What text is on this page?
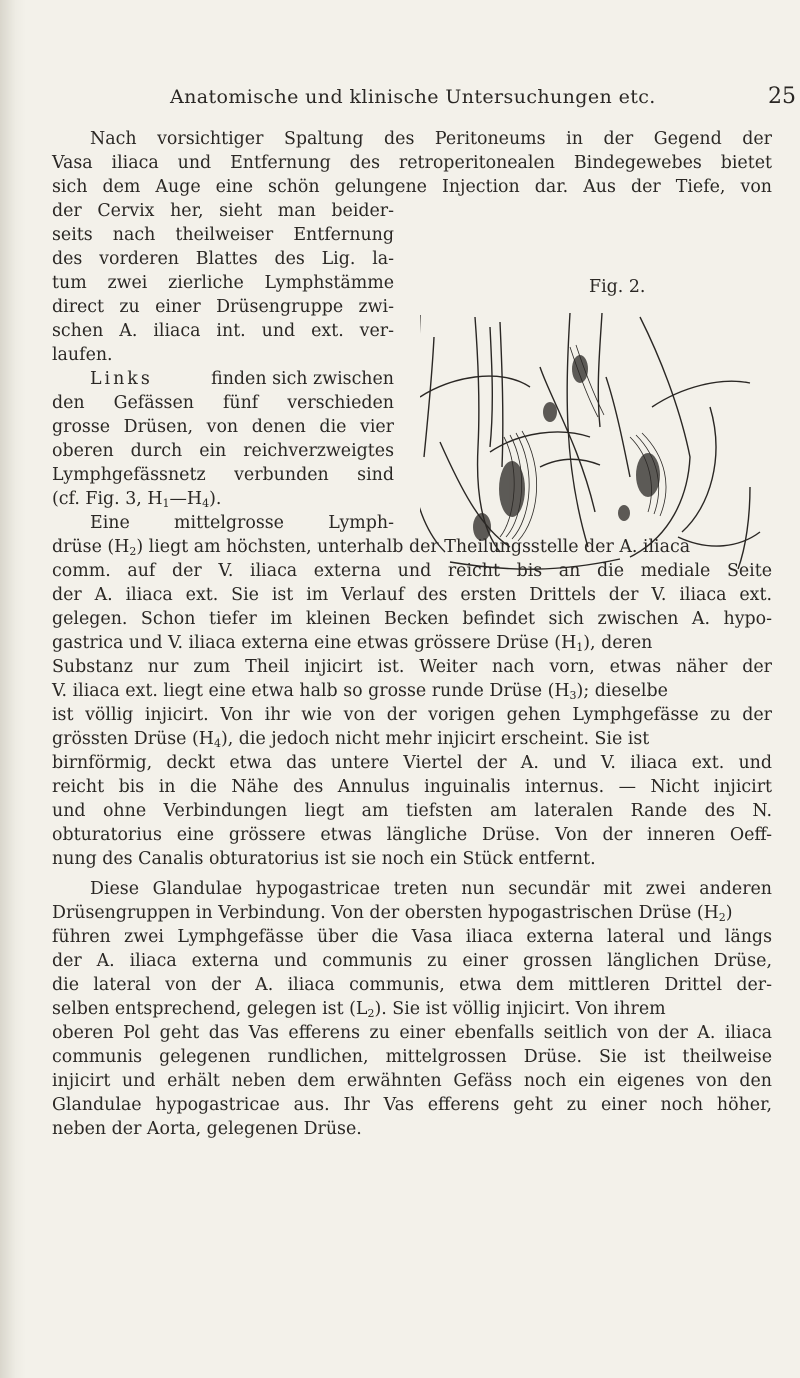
Anatomische und klinische Untersuchungen etc.	25
Fig. 2.
Nach vorsichtiger Spaltung des Peritoneums in der Gegend der
Vasa iliaca und Entfernung des retroperitonealen Bindegewebes bietet
sich dem Auge eine schön gelungene Injection dar. Aus der Tiefe, von
der Cervix her, sieht man beider-
seits nach theilweiser Entfernung
des vorderen Blattes des Lig. la-
tum zwei zierliche Lymphstämme
direct zu einer Drüsengruppe zwi-
schen A. iliaca int. und ext. ver-
laufen.
Links	finden sich zwischen
den Gefässen fünf verschieden
grosse Drüsen, von denen die vier
oberen durch ein reichverzweigtes
Lymphgefässnetz verbunden sind
(cf. Fig. 3, $H_1—H_4$).
Eine mittelgrosse Lymph-
drüse $(H_2)$ liegt am höchsten, unterhalb der Theilungsstelle der A. iliaca
comm. auf der V. iliaca externa und reicht bis an die mediale Seite
der A. iliaca ext. Sie ist im Verlauf des ersten Drittels der V. iliaca ext.
gelegen. Schon tiefer im kleinen Becken befindet sich zwischen A. hypo-
gastrica und V. iliaca externa eine etwas grössere Drüse $(H_1)$, deren
Substanz nur zum Theil injicirt ist. Weiter nach vorn, etwas näher der
V. iliaca ext. liegt eine etwa halb so grosse runde Drüse $(H_3)$; dieselbe
ist völlig injicirt. Von ihr wie von der vorigen gehen Lymphgefässe zu der
grössten Drüse $(H_4)$, die jedoch nicht mehr injicirt erscheint. Sie ist
birnförmig, deckt etwa das untere Viertel der A. und V. iliaca ext. und
reicht bis in die Nähe des Annulus inguinalis internus. — Nicht injicirt
und ohne Verbindungen liegt am tiefsten am lateralen Rande des N.
obturatorius eine grössere etwas längliche Drüse. Von der inneren Oeff-
nung des Canalis obturatorius ist sie noch ein Stück entfernt.
Diese Glandulae hypogastricae treten nun secundär mit zwei anderen
Drüsengruppen in Verbindung. Von der obersten hypogastrischen Drüse $(H_2)$
führen zwei Lymphgefässe über die Vasa iliaca externa lateral und längs
der A. iliaca externa und communis zu einer grossen länglichen Drüse,
die lateral von der A. iliaca communis, etwa dem mittleren Drittel der-
selben entsprechend, gelegen ist $(L_2)$. Sie ist völlig injicirt. Von ihrem
oberen Pol geht das Vas efferens zu einer ebenfalls seitlich von der A. iliaca
communis gelegenen rundlichen, mittelgrossen Drüse. Sie ist theilweise
injicirt und erhält neben dem erwähnten Gefäss noch ein eigenes von den
Glandulae hypogastricae aus. Ihr Vas efferens geht zu einer noch höher,
neben der Aorta, gelegenen Drüse.
